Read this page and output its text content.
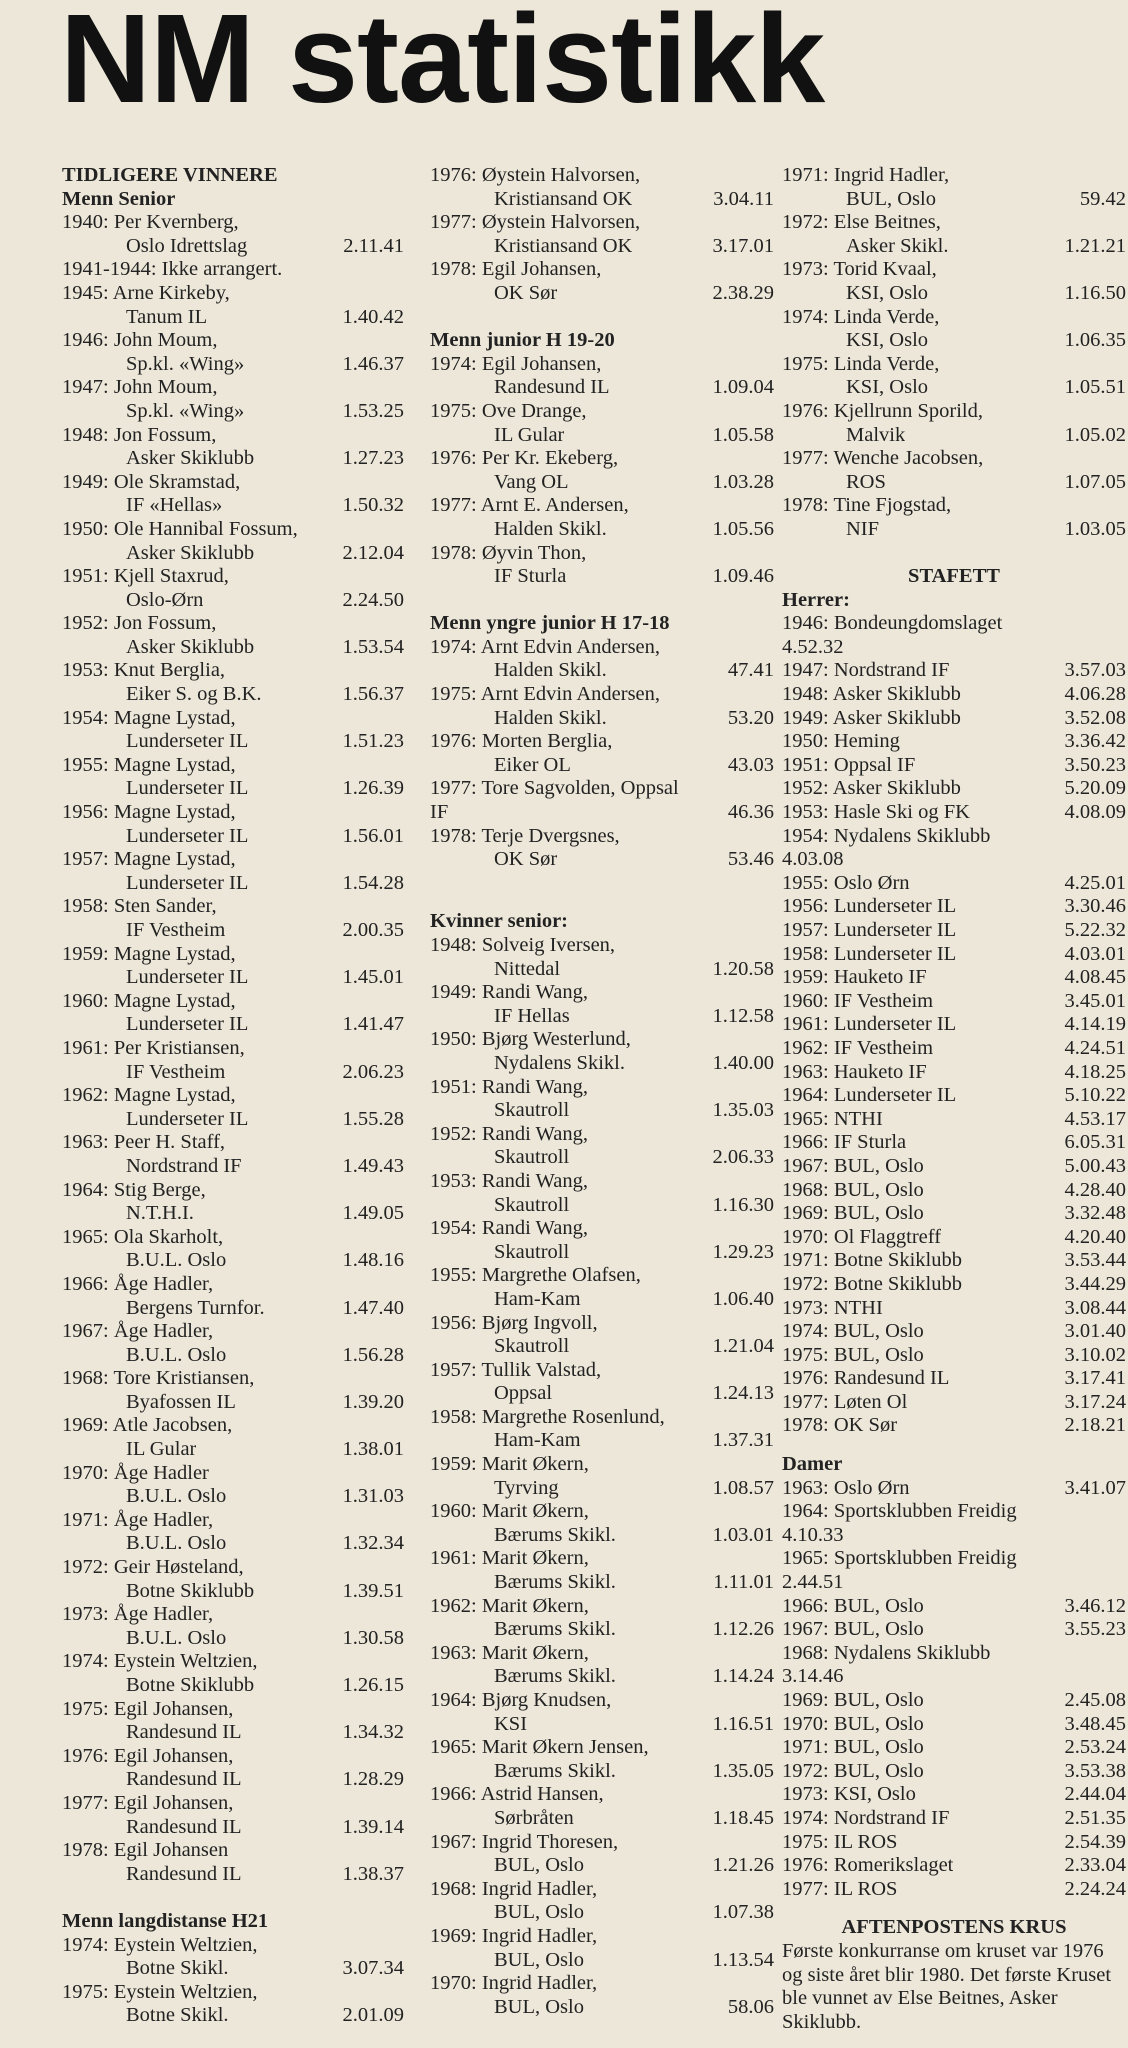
NM statistikk
TIDLIGERE VINNERE
Menn Senior
1940: Per Kvernberg,
Oslo Idrettslag	2.11.41
1941-1944: Ikke arrangert.
1945: Arne Kirkeby,
Tanum IL	1.40.42
1946: John Moum,
Sp.kl. «Wing»	1.46.37
1947: John Moum,
Sp.kl. «Wing»	1.53.25
1948: Jon Fossum,
Asker Skiklubb	1.27.23
1949: Ole Skramstad,
IF «Hellas»	1.50.32
1950: Ole Hannibal Fossum,
Asker Skiklubb	2.12.04
1951: Kjell Staxrud,
Oslo-Ørn	2.24.50
1952: Jon Fossum,
Asker Skiklubb	1.53.54
1953: Knut Berglia,
Eiker S. og B.K.	1.56.37
1954: Magne Lystad,
Lunderseter IL	1.51.23
1955: Magne Lystad,
Lunderseter IL	1.26.39
1956: Magne Lystad,
Lunderseter IL	1.56.01
1957: Magne Lystad,
Lunderseter IL	1.54.28
1958: Sten Sander,
IF Vestheim	2.00.35
1959: Magne Lystad,
Lunderseter IL	1.45.01
1960: Magne Lystad,
Lunderseter IL	1.41.47
1961: Per Kristiansen,
IF Vestheim	2.06.23
1962: Magne Lystad,
Lunderseter IL	1.55.28
1963: Peer H. Staff,
Nordstrand IF	1.49.43
1964: Stig Berge,
N.T.H.I.	1.49.05
1965: Ola Skarholt,
B.U.L. Oslo	1.48.16
1966: Åge Hadler,
Bergens Turnfor.	1.47.40
1967: Åge Hadler,
B.U.L. Oslo	1.56.28
1968: Tore Kristiansen,
Byafossen IL	1.39.20
1969: Atle Jacobsen,
IL Gular	1.38.01
1970: Åge Hadler
B.U.L. Oslo	1.31.03
1971: Åge Hadler,
B.U.L. Oslo	1.32.34
1972: Geir Høsteland,
Botne Skiklubb	1.39.51
1973: Åge Hadler,
B.U.L. Oslo	1.30.58
1974: Eystein Weltzien,
Botne Skiklubb	1.26.15
1975: Egil Johansen,
Randesund IL	1.34.32
1976: Egil Johansen,
Randesund IL	1.28.29
1977: Egil Johansen,
Randesund IL	1.39.14
1978: Egil Johansen
Randesund IL	1.38.37
Menn langdistanse H21
1974: Eystein Weltzien,
Botne Skikl.	3.07.34
1975: Eystein Weltzien,
Botne Skikl.	2.01.09
1976: Øystein Halvorsen,
Kristiansand OK	3.04.11
1977: Øystein Halvorsen,
Kristiansand OK	3.17.01
1978: Egil Johansen,
OK Sør	2.38.29
Menn junior H 19-20
1974: Egil Johansen,
Randesund IL	1.09.04
1975: Ove Drange,
IL Gular	1.05.58
1976: Per Kr. Ekeberg,
Vang OL	1.03.28
1977: Arnt E. Andersen,
Halden Skikl.	1.05.56
1978: Øyvin Thon,
IF Sturla	1.09.46
Menn yngre junior H 17-18
1974: Arnt Edvin Andersen,
Halden Skikl.	47.41
1975: Arnt Edvin Andersen,
Halden Skikl.	53.20
1976: Morten Berglia,
Eiker OL	43.03
1977: Tore Sagvolden, Oppsal
IF	46.36
1978: Terje Dvergsnes,
OK Sør	53.46
Kvinner senior:
1948: Solveig Iversen,
Nittedal	1.20.58
1949: Randi Wang,
IF Hellas	1.12.58
1950: Bjørg Westerlund,
Nydalens Skikl.	1.40.00
1951: Randi Wang,
Skautroll	1.35.03
1952: Randi Wang,
Skautroll	2.06.33
1953: Randi Wang,
Skautroll	1.16.30
1954: Randi Wang,
Skautroll	1.29.23
1955: Margrethe Olafsen,
Ham-Kam	1.06.40
1956: Bjørg Ingvoll,
Skautroll	1.21.04
1957: Tullik Valstad,
Oppsal	1.24.13
1958: Margrethe Rosenlund,
Ham-Kam	1.37.31
1959: Marit Økern,
Tyrving	1.08.57
1960: Marit Økern,
Bærums Skikl.	1.03.01
1961: Marit Økern,
Bærums Skikl.	1.11.01
1962: Marit Økern,
Bærums Skikl.	1.12.26
1963: Marit Økern,
Bærums Skikl.	1.14.24
1964: Bjørg Knudsen,
KSI	1.16.51
1965: Marit Økern Jensen,
Bærums Skikl.	1.35.05
1966: Astrid Hansen,
Sørbråten	1.18.45
1967: Ingrid Thoresen,
BUL, Oslo	1.21.26
1968: Ingrid Hadler,
BUL, Oslo	1.07.38
1969: Ingrid Hadler,
BUL, Oslo	1.13.54
1970: Ingrid Hadler,
BUL, Oslo	58.06
1971: Ingrid Hadler,
BUL, Oslo	59.42
1972: Else Beitnes,
Asker Skikl.	1.21.21
1973: Torid Kvaal,
KSI, Oslo	1.16.50
1974: Linda Verde,
KSI, Oslo	1.06.35
1975: Linda Verde,
KSI, Oslo	1.05.51
1976: Kjellrunn Sporild,
Malvik	1.05.02
1977: Wenche Jacobsen,
ROS	1.07.05
1978: Tine Fjogstad,
NIF	1.03.05
STAFETT
Herrer:
1946: Bondeungdomslaget
4.52.32
1947: Nordstrand IF	3.57.03
1948: Asker Skiklubb	4.06.28
1949: Asker Skiklubb	3.52.08
1950: Heming	3.36.42
1951: Oppsal IF	3.50.23
1952: Asker Skiklubb	5.20.09
1953: Hasle Ski og FK	4.08.09
1954: Nydalens Skiklubb
4.03.08
1955: Oslo Ørn	4.25.01
1956: Lunderseter IL	3.30.46
1957: Lunderseter IL	5.22.32
1958: Lunderseter IL	4.03.01
1959: Hauketo IF	4.08.45
1960: IF Vestheim	3.45.01
1961: Lunderseter IL	4.14.19
1962: IF Vestheim	4.24.51
1963: Hauketo IF	4.18.25
1964: Lunderseter IL	5.10.22
1965: NTHI	4.53.17
1966: IF Sturla	6.05.31
1967: BUL, Oslo	5.00.43
1968: BUL, Oslo	4.28.40
1969: BUL, Oslo	3.32.48
1970: Ol Flaggtreff	4.20.40
1971: Botne Skiklubb	3.53.44
1972: Botne Skiklubb	3.44.29
1973: NTHI	3.08.44
1974: BUL, Oslo	3.01.40
1975: BUL, Oslo	3.10.02
1976: Randesund IL	3.17.41
1977: Løten Ol	3.17.24
1978: OK Sør	2.18.21
Damer
1963: Oslo Ørn	3.41.07
1964: Sportsklubben Freidig
4.10.33
1965: Sportsklubben Freidig
2.44.51
1966: BUL, Oslo	3.46.12
1967: BUL, Oslo	3.55.23
1968: Nydalens Skiklubb
3.14.46
1969: BUL, Oslo	2.45.08
1970: BUL, Oslo	3.48.45
1971: BUL, Oslo	2.53.24
1972: BUL, Oslo	3.53.38
1973: KSI, Oslo	2.44.04
1974: Nordstrand IF	2.51.35
1975: IL ROS	2.54.39
1976: Romerikslaget	2.33.04
1977: IL ROS	2.24.24
AFTENPOSTENS KRUS
Første konkurranse om kruset var 1976 og siste året blir 1980. Det første Kruset ble vunnet av Else Beitnes, Asker Skiklubb.
